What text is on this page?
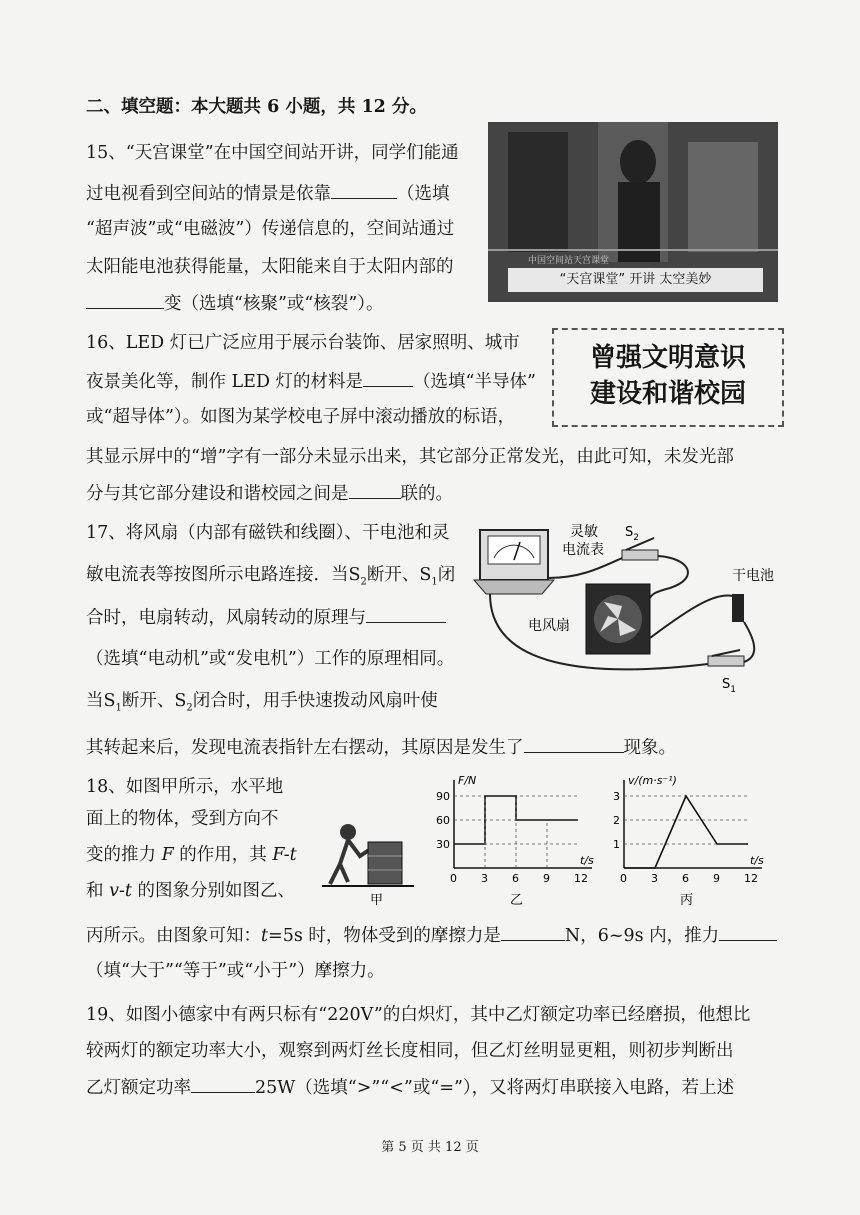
二、填空题：本大题共 6 小题，共 12 分。
15、“天宫课堂”在中国空间站开讲，同学们能通
过电视看到空间站的情景是依靠	（选填
“超声波”或“电磁波”）传递信息的，空间站通过
太阳能电池获得能量，太阳能来自于太阳内部的
变（选填“核聚”或“核裂”）。
中国空间站天宫课堂
“天宫课堂” 开讲 太空美妙
16、LED 灯已广泛应用于展示台装饰、居家照明、城市
夜景美化等，制作 LED 灯的材料是	（选填“半导体”
或“超导体”）。如图为某学校电子屏中滚动播放的标语，
其显示屏中的“增”字有一部分未显示出来，其它部分正常发光，由此可知，未发光部
分与其它部分建设和谐校园之间是	联的。
曾强文明意识
建设和谐校园
17、将风扇（内部有磁铁和线圈）、干电池和灵
敏电流表等按图所示电路连接．当$S_2$断开、$S_1$闭
合时，电扇转动，风扇转动的原理与
（选填“电动机”或“发电机”）工作的原理相同。
当$S_1$断开、$S_2$闭合时，用手快速拨动风扇叶使
其转起来后，发现电流表指针左右摆动，其原因是发生了	现象。
灵敏
电流表
$S_2$
干电池
电风扇
$S_1$
18、如图甲所示，水平地
面上的物体，受到方向不
变的推力 F 的作用，其 F-t
和 v-t 的图象分别如图乙、
丙所示。由图象可知：t=5s 时，物体受到的摩擦力是	N，6~9s 内，推力
（填“大于”“等于”或“小于”）摩擦力。
甲
F/N
t/s
0 3 6 9 12
30
60
90
乙
v/(m·s⁻¹)
t/s
0 3 6 9 12
1
2
3
丙
19、如图小德家中有两只标有“220V”的白炽灯，其中乙灯额定功率已经磨损，他想比
较两灯的额定功率大小，观察到两灯丝长度相同，但乙灯丝明显更粗，则初步判断出
乙灯额定功率	25W（选填“>”“<”或“=”），又将两灯串联接入电路，若上述
第 5 页 共 12 页
